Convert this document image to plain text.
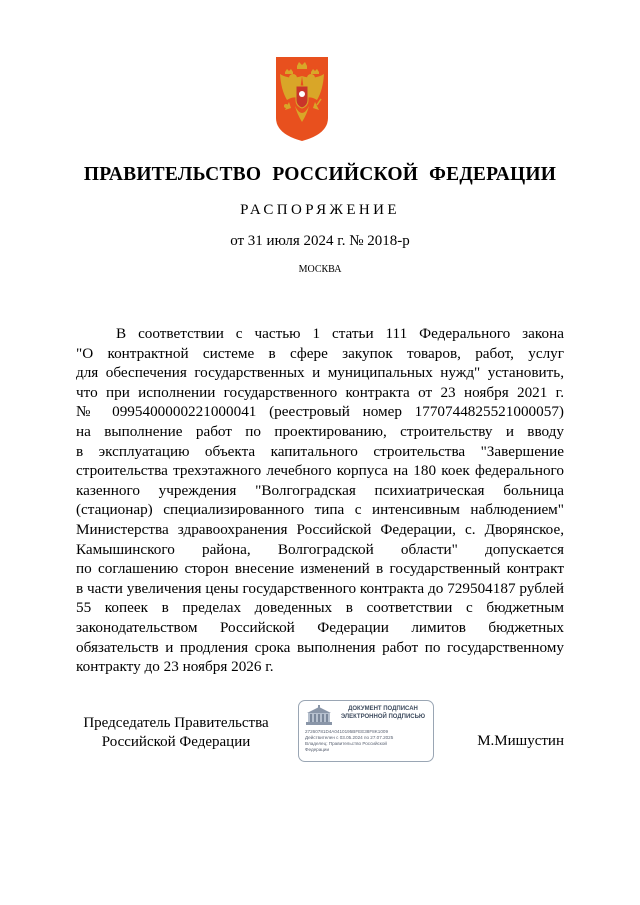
ПРАВИТЕЛЬСТВО РОССИЙСКОЙ ФЕДЕРАЦИИ
РАСПОРЯЖЕНИЕ
от 31 июля 2024 г. № 2018-р
МОСКВА
В соответствии с частью 1 статьи 111 Федерального закона
"О контрактной системе в сфере закупок товаров, работ, услуг
для обеспечения государственных и муниципальных нужд" установить,
что при исполнении государственного контракта от 23 ноября 2021 г.
№ 0995400000221000041 (реестровый номер 1770744825521000057)
на выполнение работ по проектированию, строительству и вводу
в эксплуатацию объекта капитального строительства "Завершение
строительства трехэтажного лечебного корпуса на 180 коек федерального
казенного учреждения "Волгоградская психиатрическая больница
(стационар) специализированного типа с интенсивным наблюдением"
Министерства здравоохранения Российской Федерации, с. Дворянское,
Камышинского района, Волгоградской области" допускается
по соглашению сторон внесение изменений в государственный контракт
в части увеличения цены государственного контракта до 729504187 рублей
55 копеек в пределах доведенных в соответствии с бюджетным
законодательством Российской Федерации лимитов бюджетных
обязательств и продления срока выполнения работ по государственному
контракту до 23 ноября 2026 г.
Председатель Правительства
Российской Федерации
ДОКУМЕНТ ПОДПИСАН
ЭЛЕКТРОННОЙ ПОДПИСЬЮ
27260781D4A0410195BFEE38F8K1009
Действителен с 03.05.2024 по 27.07.2025
Владелец: Правительство Российской
Федерации
М.Мишустин
